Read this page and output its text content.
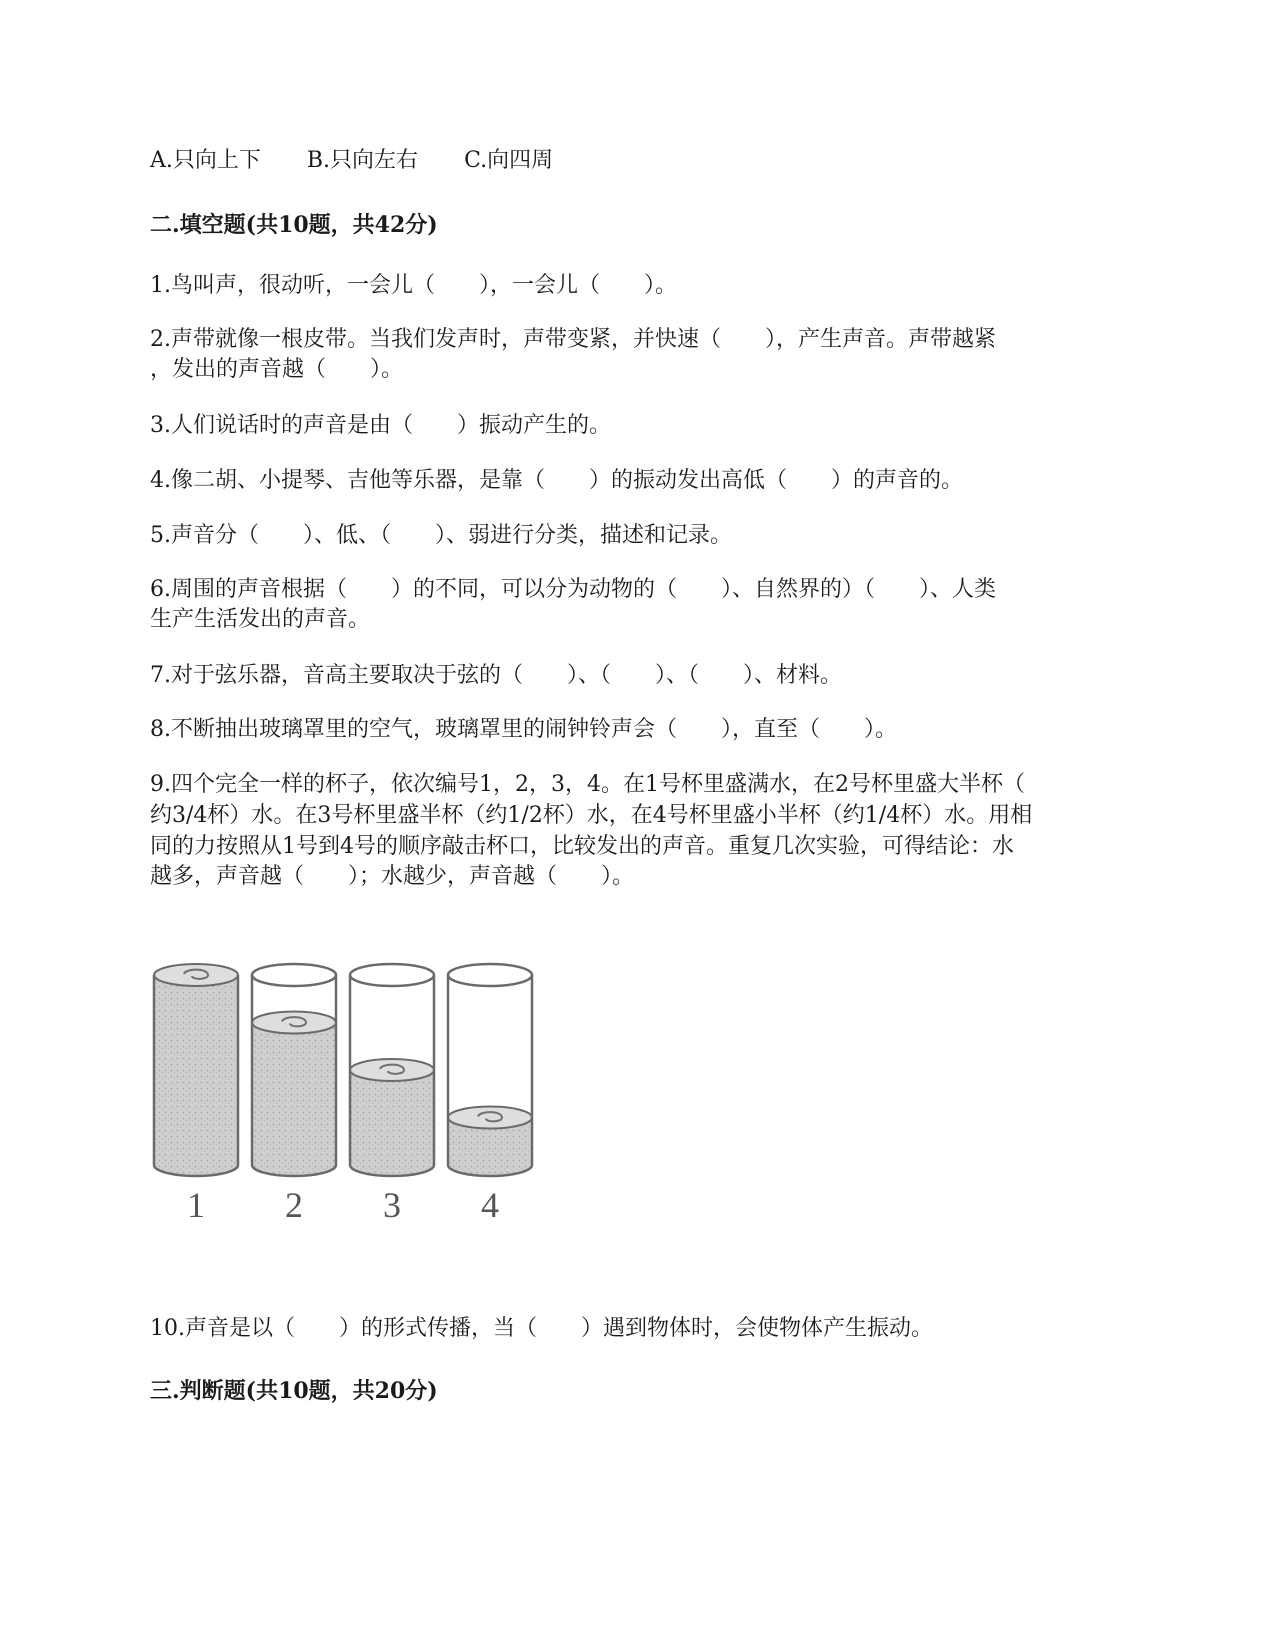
A.只向上下 B.只向左右 C.向四周
二.填空题(共10题，共42分)
1.鸟叫声，很动听，一会儿（　　），一会儿（　　）。
2.声带就像一根皮带。当我们发声时，声带变紧，并快速（　　），产生声音。声带越紧
，发出的声音越（　　）。
3.人们说话时的声音是由（　　）振动产生的。
4.像二胡、小提琴、吉他等乐器，是靠（　　）的振动发出高低（　　）的声音的。
5.声音分（　　）、低、（　　）、弱进行分类，描述和记录。
6.周围的声音根据（　　）的不同，可以分为动物的（　　）、自然界的）（　　）、人类
生产生活发出的声音。
7.对于弦乐器，音高主要取决于弦的（　　）、（　　）、（　　）、材料。
8.不断抽出玻璃罩里的空气，玻璃罩里的闹钟铃声会（　　），直至（　　）。
9.四个完全一样的杯子，依次编号1，2，3，4。在1号杯里盛满水，在2号杯里盛大半杯（
约3/4杯）水。在3号杯里盛半杯（约1/2杯）水，在4号杯里盛小半杯（约1/4杯）水。用相
同的力按照从1号到4号的顺序敲击杯口，比较发出的声音。重复几次实验，可得结论：水
越多，声音越（　　）；水越少，声音越（　　）。
1 2 3 4
10.声音是以（　　）的形式传播，当（　　）遇到物体时，会使物体产生振动。
三.判断题(共10题，共20分)
